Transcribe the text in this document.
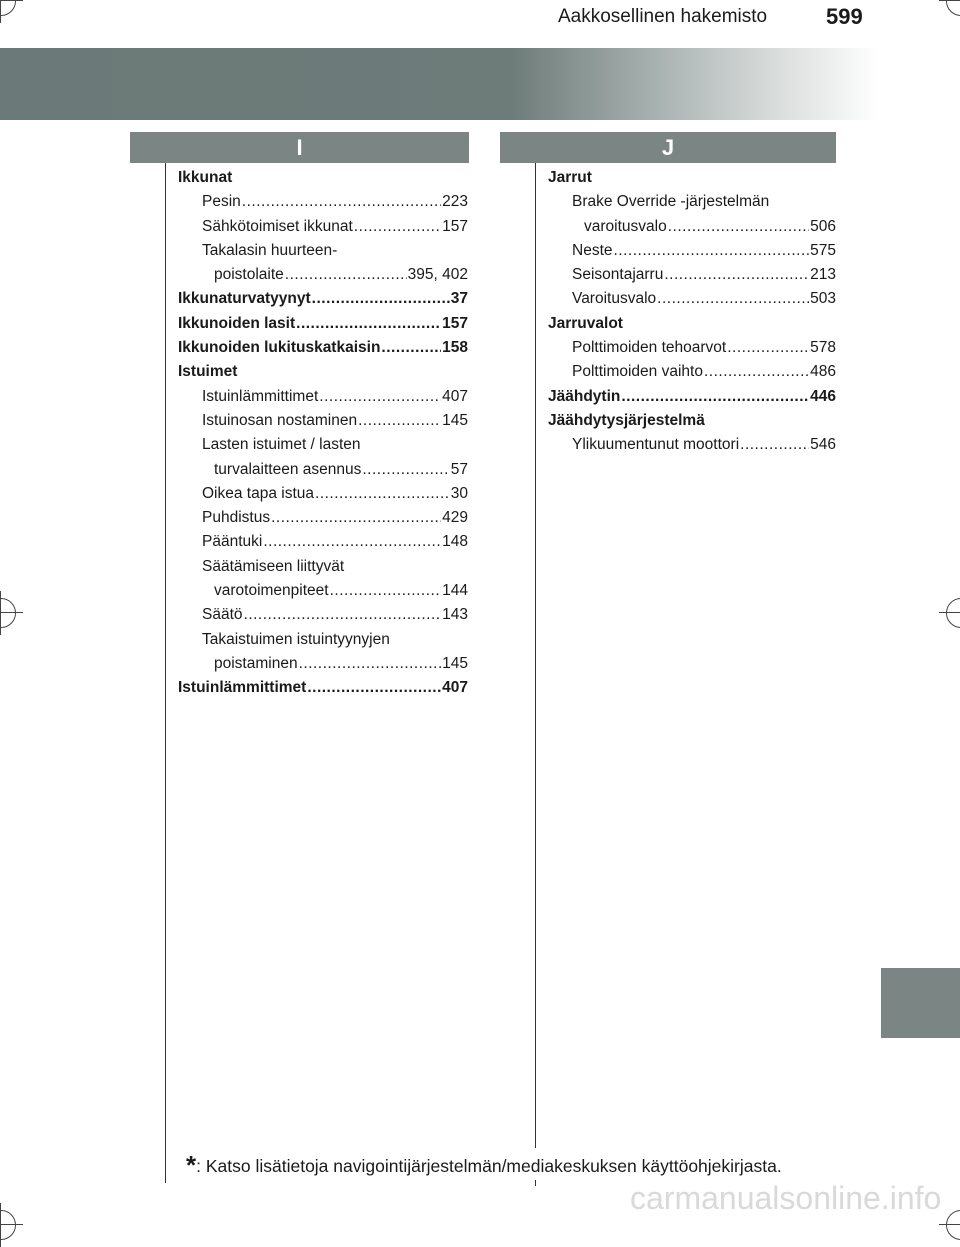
Aakkosellinen hakemisto	599
I	J
Ikkunat
Pesin .....	223
Sähkötoimiset ikkunat .....	157
Takalasin huurteen-
poistolaite .....	395, 402
Ikkunaturvatyynyt .....	37
Ikkunoiden lasit .....	157
Ikkunoiden lukituskatkaisin .....	158
Istuimet
Istuinlämmittimet .....	407
Istuinosan nostaminen .....	145
Lasten istuimet / lasten
turvalaitteen asennus .....	57
Oikea tapa istua .....	30
Puhdistus .....	429
Pääntuki .....	148
Säätämiseen liittyvät
varotoimenpiteet .....	144
Säätö .....	143
Takaistuimen istuintyynyjen
poistaminen .....	145
Istuinlämmittimet .....	407
Jarrut
Brake Override -järjestelmän
varoitusvalo .....	506
Neste .....	575
Seisontajarru .....	213
Varoitusvalo .....	503
Jarruvalot
Polttimoiden tehoarvot .....	578
Polttimoiden vaihto .....	486
Jäähdytin .....	446
Jäähdytysjärjestelmä
Ylikuumentunut moottori .....	546
*: Katso lisätietoja navigointijärjestelmän/mediakeskuksen käyttöohjekirjasta.
carmanualsonline.info
